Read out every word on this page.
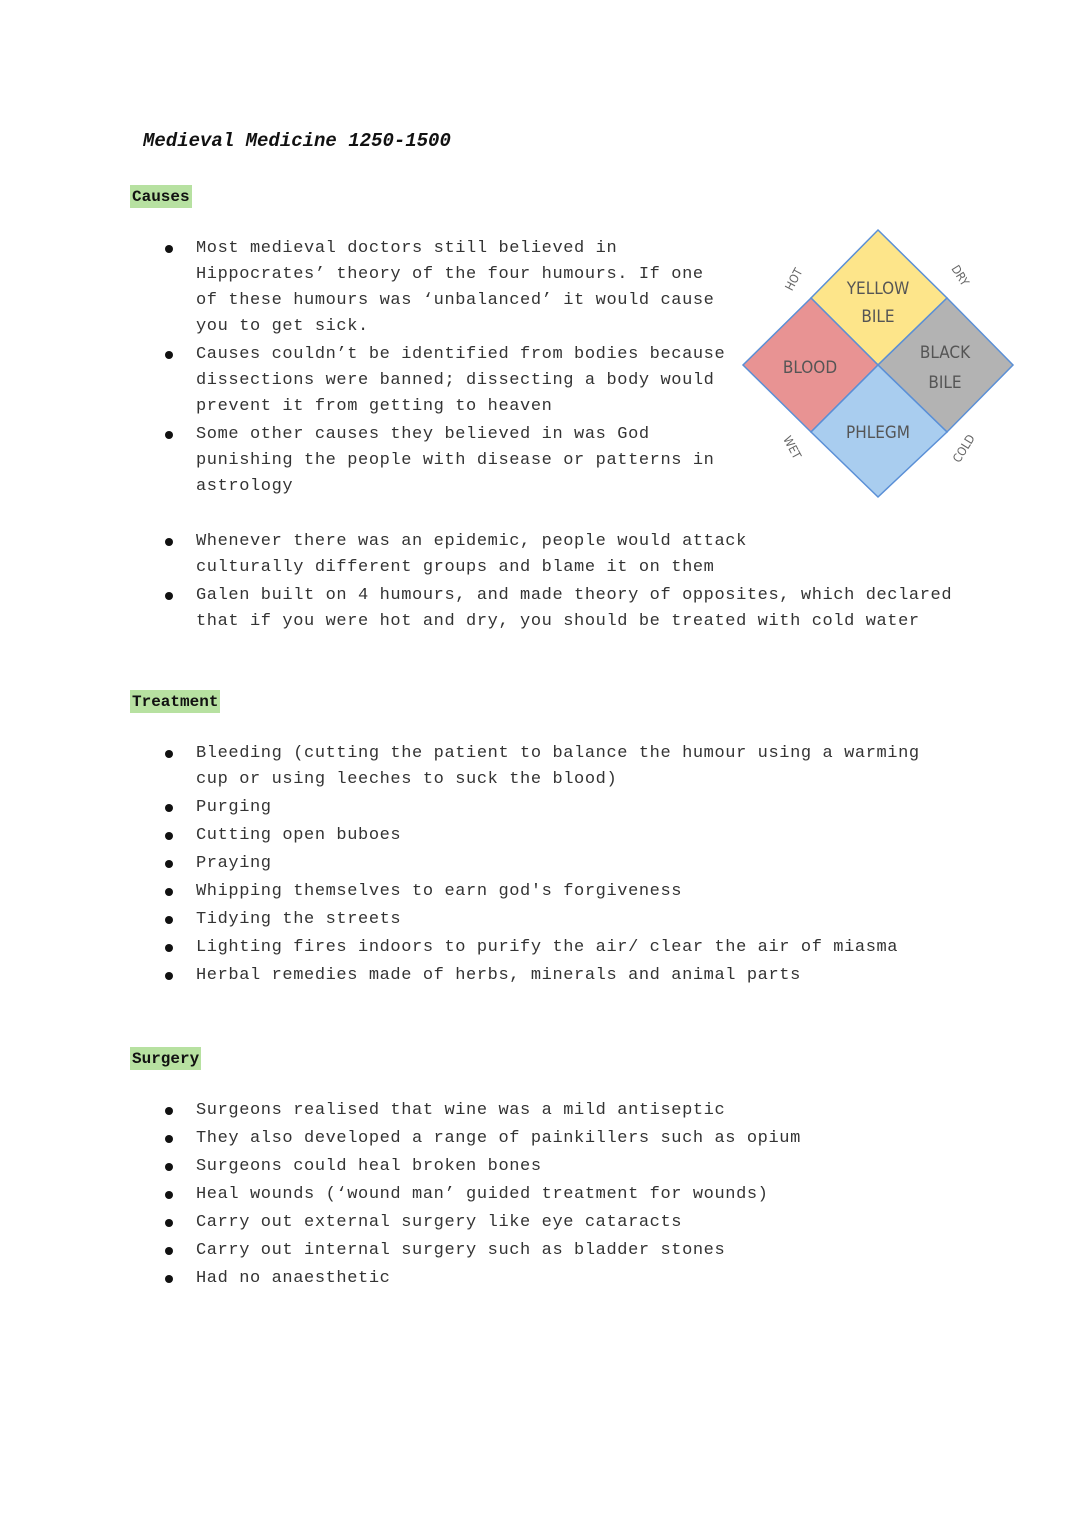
Medieval Medicine 1250-1500
Causes
Most medieval doctors still believed in Hippocrates’ theory of the four humours. If one of these humours was ‘unbalanced’ it would cause you to get sick.
Causes couldn’t be identified from bodies because dissections were banned; dissecting a body would prevent it from getting to heaven
Some other causes they believed in was God punishing the people with disease or patterns in astrology
Whenever there was an epidemic, people would attack culturally different groups and blame it on them
Galen built on 4 humours, and made theory of opposites, which declared that if you were hot and dry, you should be treated with cold water
YELLOW
BILE
BLOOD
BLACK
BILE
PHLEGM
HOT	DRY
WET	COLD
Treatment
Bleeding (cutting the patient to balance the humour using a warming cup or using leeches to suck the blood)
Purging
Cutting open buboes
Praying
Whipping themselves to earn god's forgiveness
Tidying the streets
Lighting fires indoors to purify the air/ clear the air of miasma
Herbal remedies made of herbs, minerals and animal parts
Surgery
Surgeons realised that wine was a mild antiseptic
They also developed a range of painkillers such as opium
Surgeons could heal broken bones
Heal wounds (‘wound man’ guided treatment for wounds)
Carry out external surgery like eye cataracts
Carry out internal surgery such as bladder stones
Had no anaesthetic
